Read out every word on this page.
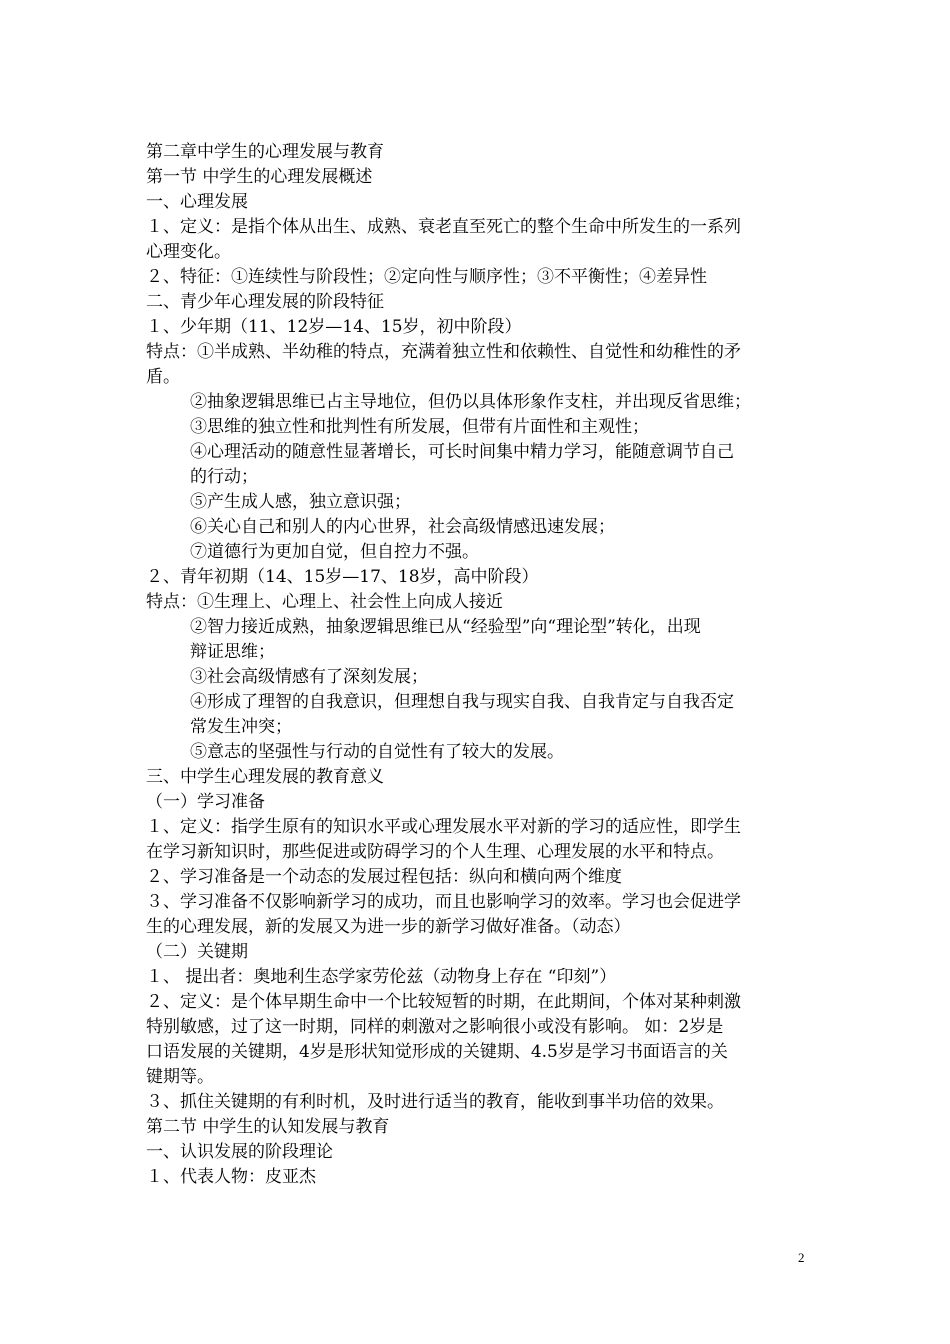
第二章中学生的心理发展与教育
第一节 中学生的心理发展概述
一、心理发展
１、定义：是指个体从出生、成熟、衰老直至死亡的整个生命中所发生的一系列
心理变化。
２、特征：①连续性与阶段性；②定向性与顺序性；③不平衡性；④差异性
二、青少年心理发展的阶段特征
１、少年期（11、12岁—14、15岁，初中阶段）
特点：①半成熟、半幼稚的特点，充满着独立性和依赖性、自觉性和幼稚性的矛
盾。
②抽象逻辑思维已占主导地位，但仍以具体形象作支柱，并出现反省思维；
③思维的独立性和批判性有所发展，但带有片面性和主观性；
④心理活动的随意性显著增长，可长时间集中精力学习，能随意调节自己
的行动；
⑤产生成人感，独立意识强；
⑥关心自己和别人的内心世界，社会高级情感迅速发展；
⑦道德行为更加自觉，但自控力不强。
２、青年初期（14、15岁—17、18岁，高中阶段）
特点：①生理上、心理上、社会性上向成人接近
②智力接近成熟，抽象逻辑思维已从“经验型”向“理论型”转化，出现
辩证思维；
③社会高级情感有了深刻发展；
④形成了理智的自我意识，但理想自我与现实自我、自我肯定与自我否定
常发生冲突；
⑤意志的坚强性与行动的自觉性有了较大的发展。
三、中学生心理发展的教育意义
（一）学习准备
１、定义：指学生原有的知识水平或心理发展水平对新的学习的适应性，即学生
在学习新知识时，那些促进或防碍学习的个人生理、心理发展的水平和特点。
２、学习准备是一个动态的发展过程包括：纵向和横向两个维度
３、学习准备不仅影响新学习的成功，而且也影响学习的效率。学习也会促进学
生的心理发展，新的发展又为进一步的新学习做好准备。（动态）
（二）关键期
１、 提出者：奥地利生态学家劳伦兹（动物身上存在 “印刻”）
２、定义：是个体早期生命中一个比较短暂的时期，在此期间，个体对某种刺激
特别敏感，过了这一时期，同样的刺激对之影响很小或没有影响。 如：2岁是
口语发展的关键期，4岁是形状知觉形成的关键期、4.5岁是学习书面语言的关
键期等。
３、抓住关键期的有利时机，及时进行适当的教育，能收到事半功倍的效果。
第二节 中学生的认知发展与教育
一、认识发展的阶段理论
１、代表人物：皮亚杰
2
